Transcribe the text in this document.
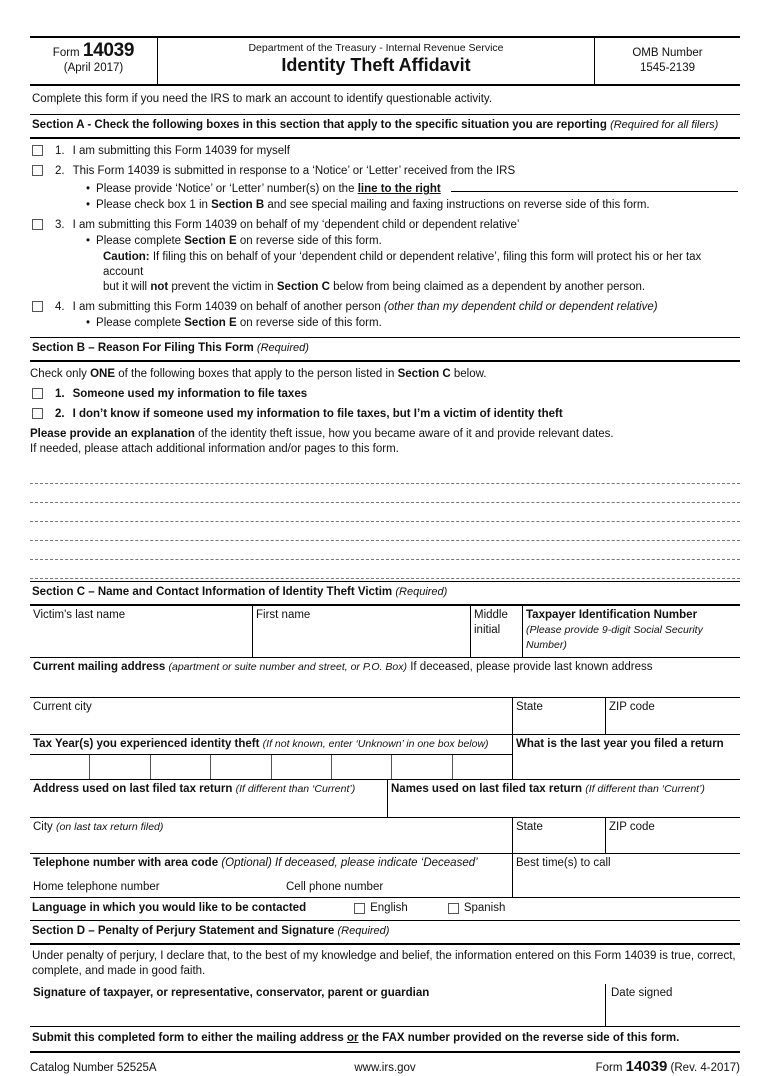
Form 14039
(April 2017)
Department of the Treasury - Internal Revenue Service
Identity Theft Affidavit
OMB Number
1545-2139
Complete this form if you need the IRS to mark an account to identify questionable activity.
Section A - Check the following boxes in this section that apply to the specific situation you are reporting (Required for all filers)
1. I am submitting this Form 14039 for myself
2. This Form 14039 is submitted in response to a ‘Notice’ or ‘Letter’ received from the IRS
• Please provide ‘Notice’ or ‘Letter’ number(s) on the line to the right
• Please check box 1 in Section B and see special mailing and faxing instructions on reverse side of this form.
3. I am submitting this Form 14039 on behalf of my ‘dependent child or dependent relative’
• Please complete Section E on reverse side of this form.
Caution: If filing this on behalf of your ‘dependent child or dependent relative’, filing this form will protect his or her tax account
but it will not prevent the victim in Section C below from being claimed as a dependent by another person.
4. I am submitting this Form 14039 on behalf of another person (other than my dependent child or dependent relative)
• Please complete Section E on reverse side of this form.
Section B – Reason For Filing This Form (Required)
Check only ONE of the following boxes that apply to the person listed in Section C below.
1. Someone used my information to file taxes
2. I don’t know if someone used my information to file taxes, but I’m a victim of identity theft
Please provide an explanation of the identity theft issue, how you became aware of it and provide relevant dates.
If needed, please attach additional information and/or pages to this form.
Section C – Name and Contact Information of Identity Theft Victim (Required)
Victim's last name	First name	Middle initial
Taxpayer Identification Number
(Please provide 9-digit Social Security Number)
Current mailing address (apartment or suite number and street, or P.O. Box) If deceased, please provide last known address
Current city	State	ZIP code
Tax Year(s) you experienced identity theft (If not known, enter ‘Unknown’ in one box below)	What is the last year you filed a return
Address used on last filed tax return (If different than ‘Current’)	Names used on last filed tax return (If different than ‘Current’)
City (on last tax return filed)	State	ZIP code
Telephone number with area code (Optional) If deceased, please indicate ‘Deceased’
Home telephone number	Cell phone number
Best time(s) to call
Language in which you would like to be contacted	English	Spanish
Section D – Penalty of Perjury Statement and Signature (Required)
Under penalty of perjury, I declare that, to the best of my knowledge and belief, the information entered on this Form 14039 is true, correct, complete, and made in good faith.
Signature of taxpayer, or representative, conservator, parent or guardian	Date signed
Submit this completed form to either the mailing address or the FAX number provided on the reverse side of this form.
Catalog Number 52525A	www.irs.gov	Form 14039 (Rev. 4-2017)
